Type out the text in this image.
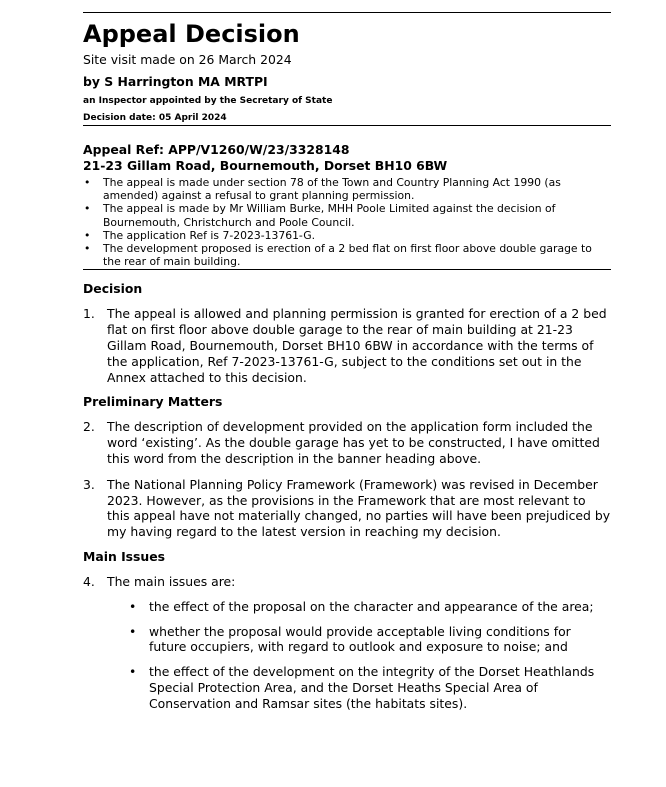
Appeal Decision
Site visit made on 26 March 2024
by S Harrington MA MRTPI
an Inspector appointed by the Secretary of State
Decision date: 05 April 2024
Appeal Ref: APP/V1260/W/23/3328148
21-23 Gillam Road, Bournemouth, Dorset BH10 6BW
• The appeal is made under section 78 of the Town and Country Planning Act 1990 (as amended) against a refusal to grant planning permission.
• The appeal is made by Mr William Burke, MHH Poole Limited against the decision of Bournemouth, Christchurch and Poole Council.
• The application Ref is 7-2023-13761-G.
• The development proposed is erection of a 2 bed flat on first floor above double garage to the rear of main building.
Decision
1. The appeal is allowed and planning permission is granted for erection of a 2 bed flat on first floor above double garage to the rear of main building at 21-23 Gillam Road, Bournemouth, Dorset BH10 6BW in accordance with the terms of the application, Ref 7-2023-13761-G, subject to the conditions set out in the Annex attached to this decision.
Preliminary Matters
2. The description of development provided on the application form included the word ‘existing’. As the double garage has yet to be constructed, I have omitted this word from the description in the banner heading above.
3. The National Planning Policy Framework (Framework) was revised in December 2023. However, as the provisions in the Framework that are most relevant to this appeal have not materially changed, no parties will have been prejudiced by my having regard to the latest version in reaching my decision.
Main Issues
4. The main issues are:
• the effect of the proposal on the character and appearance of the area;
• whether the proposal would provide acceptable living conditions for future occupiers, with regard to outlook and exposure to noise; and
• the effect of the development on the integrity of the Dorset Heathlands Special Protection Area, and the Dorset Heaths Special Area of Conservation and Ramsar sites (the habitats sites).
